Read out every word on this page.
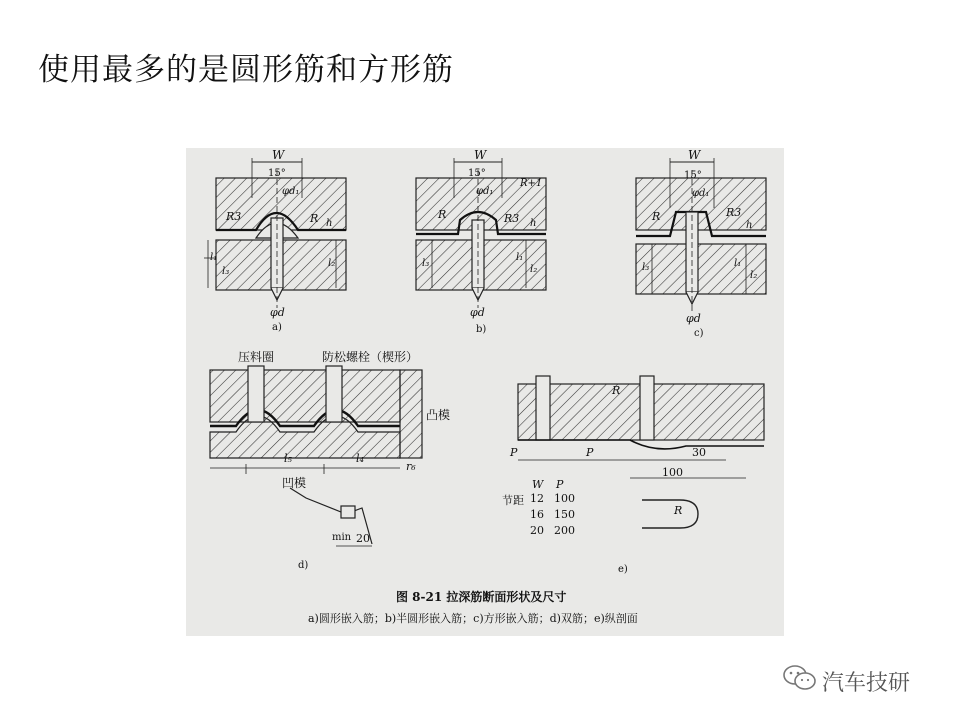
使用最多的是圆形筋和方形筋
W
15°
φd₁
R3	R h
l₁
l₂
l₃
φd
a)
W
15°
φd₁
R	R3
R+1
h
l₃
l₁
l₂
φd
b)
W
15°
φd₁
R	R3
h
l₃	l₁
l₂
φd
c)
压料圈	防松螺栓（楔形）
凸模
凹模
l₅	l₄
r₆
min 20
d)
R
P	P	30
100
R
W P
节距 12 100
16 150
20 200
e)
图 8-21 拉深筋断面形状及尺寸
a)圆形嵌入筋；b)半圆形嵌入筋；c)方形嵌入筋；d)双筋；e)纵剖面
汽车技研
